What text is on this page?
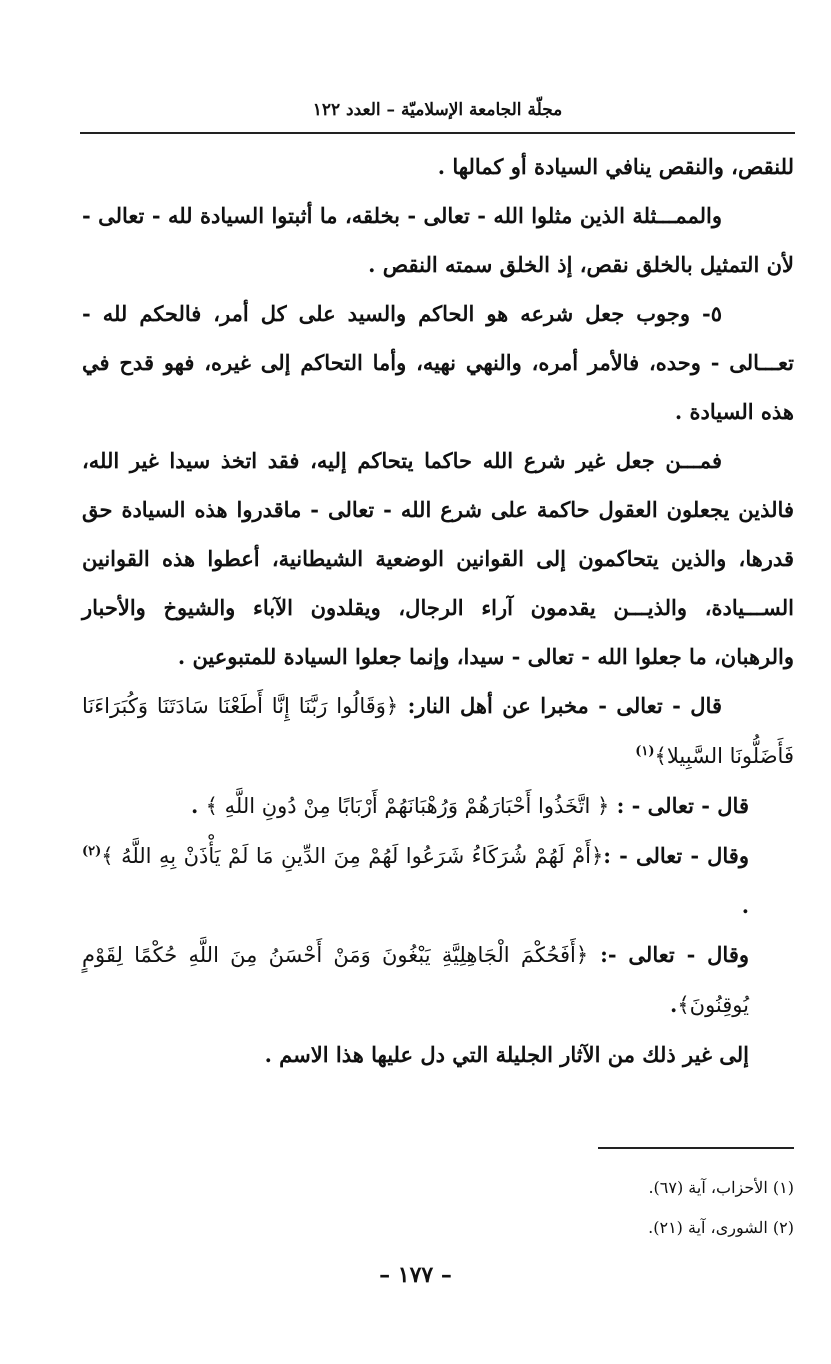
مجلّة الجامعة الإسلاميّة – العدد ١٢٢

للنقص، والنقص ينافي السيادة أو كمالها .

والممـــثلة الذين مثلوا الله - تعالى - بخلقه، ما أثبتوا السيادة لله - تعالى - لأن التمثيل بالخلق نقص، إذ الخلق سمته النقص .

٥- وجوب جعل شرعه هو الحاكم والسيد على كل أمر، فالحكم لله - تعـــالى - وحده، فالأمر أمره، والنهي نهيه، وأما التحاكم إلى غيره، فهو قدح في هذه السيادة .

فمـــن جعل غير شرع الله حاكما يتحاكم إليه، فقد اتخذ سيدا غير الله، فالذين يجعلون العقول حاكمة على شرع الله - تعالى - ماقدروا هذه السيادة حق قدرها، والذين يتحاكمون إلى القوانين الوضعية الشيطانية، أعطوا هذه القوانين الســـيادة، والذيـــن يقدمون آراء الرجال، ويقلدون الآباء والشيوخ والأحبار والرهبان، ما جعلوا الله - تعالى - سيدا، وإنما جعلوا السيادة للمتبوعين .

قال - تعالى - مخبرا عن أهل النار: ﴿وَقَالُوا رَبَّنَا إِنَّا أَطَعْنَا سَادَتَنَا وَكُبَرَاءَنَا فَأَضَلُّونَا السَّبِيلا﴾$^{(١)}$

قال - تعالى - : ﴿ اتَّخَذُوا أَحْبَارَهُمْ وَرُهْبَانَهُمْ أَرْبَابًا مِنْ دُونِ اللَّهِ ﴾ .

وقال - تعالى - :﴿أَمْ لَهُمْ شُرَكَاءُ شَرَعُوا لَهُمْ مِنَ الدِّينِ مَا لَمْ يَأْذَنْ بِهِ اللَّهُ ﴾$^{(٢)}$ .

وقال - تعالى -: ﴿أَفَحُكْمَ الْجَاهِلِيَّةِ يَبْغُونَ وَمَنْ أَحْسَنُ مِنَ اللَّهِ حُكْمًا لِقَوْمٍ يُوقِنُونَ﴾.

إلى غير ذلك من الآثار الجليلة التي دل عليها هذا الاسم .

(١) الأحزاب، آية (٦٧).

(٢) الشورى، آية (٢١).

– ١٧٧ –
